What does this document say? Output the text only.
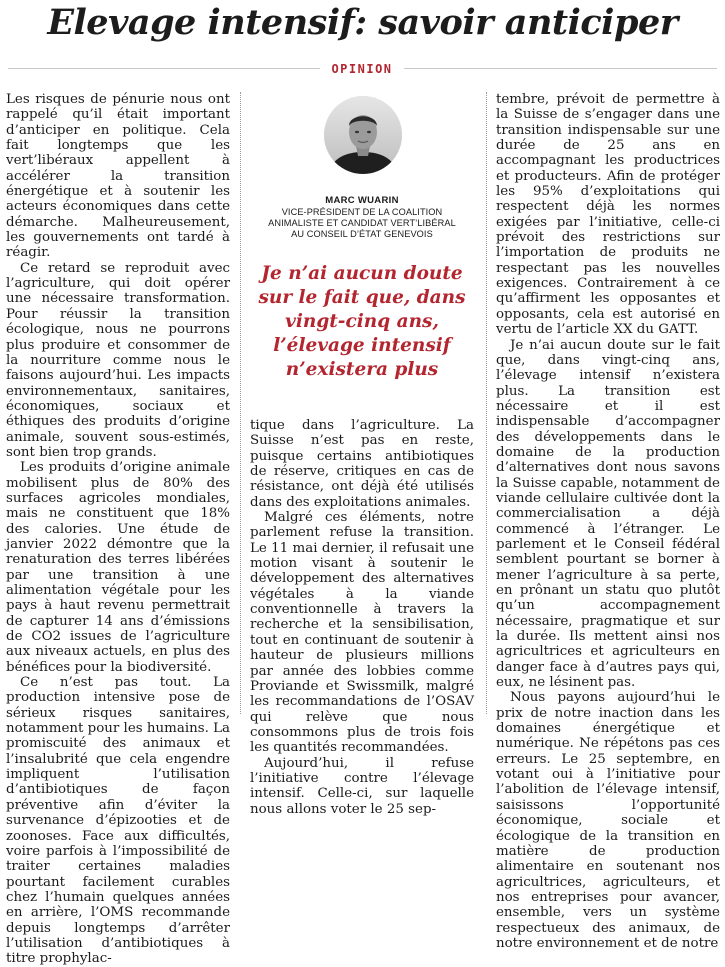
Elevage intensif: savoir anticiper
OPINION

Les risques de pénurie nous ont rappelé qu’il était important d’anticiper en politique. Cela fait longtemps que les vert’libéraux appellent à accélérer la transition énergétique et à soutenir les acteurs économiques dans cette démarche. Malheureusement, les gouvernements ont tardé à réagir.

Ce retard se reproduit avec l’agriculture, qui doit opérer une nécessaire transformation. Pour réussir la transition écologique, nous ne pourrons plus produire et consommer de la nourriture comme nous le faisons aujourd’hui. Les impacts environnementaux, sanitaires, économiques, sociaux et éthiques des produits d’origine animale, souvent sous-estimés, sont bien trop grands.

Les produits d’origine animale mobilisent plus de 80% des surfaces agricoles mondiales, mais ne constituent que 18% des calories. Une étude de janvier 2022 démontre que la renaturation des terres libérées par une transition à une alimentation végétale pour les pays à haut revenu permettrait de capturer 14 ans d’émissions de CO2 issues de l’agriculture aux niveaux actuels, en plus des bénéfices pour la biodiversité.

Ce n’est pas tout. La production intensive pose de sérieux risques sanitaires, notamment pour les humains. La promiscuité des animaux et l’insalubrité que cela engendre impliquent l’utilisation d’antibiotiques de façon préventive afin d’éviter la survenance d’épizooties et de zoonoses. Face aux difficultés, voire parfois à l’impossibilité de traiter certaines maladies pourtant facilement curables chez l’humain quelques années en arrière, l’OMS recommande depuis longtemps d’arrêter l’utilisation d’antibiotiques à titre prophylac-

MARC WUARIN
VICE-PRÉSIDENT DE LA COALITION
ANIMALISTE ET CANDIDAT VERT’LIBÉRAL
AU CONSEIL D’ÉTAT GENEVOIS

Je n’ai aucun doute sur le fait que, dans vingt-cinq ans, l’élevage intensif n’existera plus

tique dans l’agriculture. La Suisse n’est pas en reste, puisque certains antibiotiques de réserve, critiques en cas de résistance, ont déjà été utilisés dans des exploitations animales.

Malgré ces éléments, notre parlement refuse la transition. Le 11 mai dernier, il refusait une motion visant à soutenir le développement des alternatives végétales à la viande conventionnelle à travers la recherche et la sensibilisation, tout en continuant de soutenir à hauteur de plusieurs millions par année des lobbies comme Proviande et Swissmilk, malgré les recommandations de l’OSAV qui relève que nous consommons plus de trois fois les quantités recommandées.

Aujourd’hui, il refuse l’initiative contre l’élevage intensif. Celle-ci, sur laquelle nous allons voter le 25 sep-

tembre, prévoit de permettre à la Suisse de s’engager dans une transition indispensable sur une durée de 25 ans en accompagnant les productrices et producteurs. Afin de protéger les 95% d’exploitations qui respectent déjà les normes exigées par l’initiative, celle-ci prévoit des restrictions sur l’importation de produits ne respectant pas les nouvelles exigences. Contrairement à ce qu’affirment les opposantes et opposants, cela est autorisé en vertu de l’article XX du GATT.

Je n’ai aucun doute sur le fait que, dans vingt-cinq ans, l’élevage intensif n’existera plus. La transition est nécessaire et il est indispensable d’accompagner des développements dans le domaine de la production d’alternatives dont nous savons la Suisse capable, notamment de viande cellulaire cultivée dont la commercialisation a déjà commencé à l’étranger. Le parlement et le Conseil fédéral semblent pourtant se borner à mener l’agriculture à sa perte, en prônant un statu quo plutôt qu’un accompagnement nécessaire, pragmatique et sur la durée. Ils mettent ainsi nos agricultrices et agriculteurs en danger face à d’autres pays qui, eux, ne lésinent pas.

Nous payons aujourd’hui le prix de notre inaction dans les domaines énergétique et numérique. Ne répétons pas ces erreurs. Le 25 septembre, en votant oui à l’initiative pour l’abolition de l’élevage intensif, saisissons l’opportunité économique, sociale et écologique de la transition en matière de production alimentaire en soutenant nos agricultrices, agriculteurs, et nos entreprises pour avancer, ensemble, vers un système respectueux des animaux, de notre environnement et de notre
